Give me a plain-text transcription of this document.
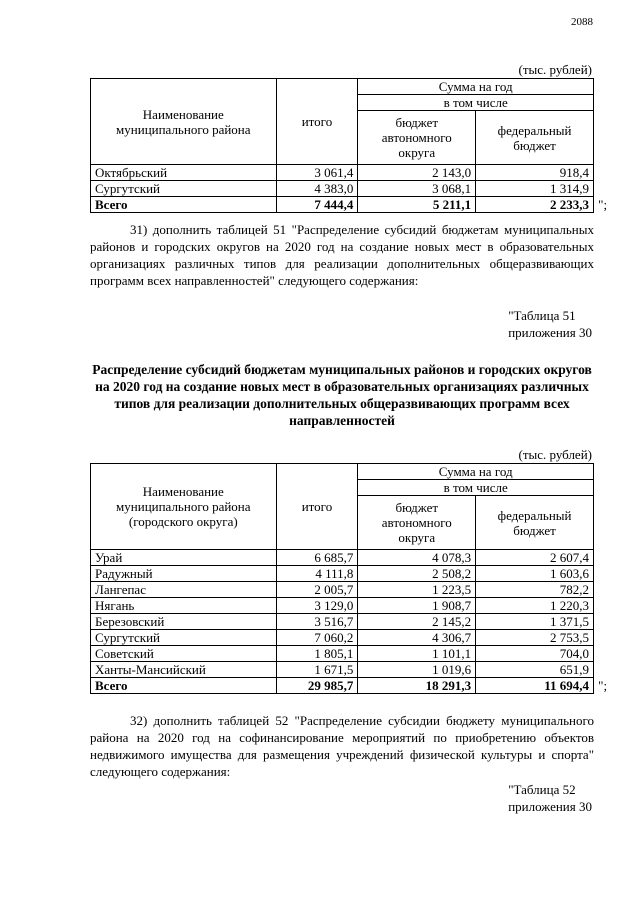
2088
(тыс. рублей)
Наименование муниципального района	итого	Сумма на год	
		в том числе	
		бюджет автономного округа	федеральный бюджет
Октябрьский	3 061,4	2 143,0	918,4
Сургутский	4 383,0	3 068,1	1 314,9
Всего	7 444,4	5 211,1	2 233,3 ";
31) дополнить таблицей 51 "Распределение субсидий бюджетам муниципальных районов и городских округов на 2020 год на создание новых мест в образовательных организациях различных типов для реализации дополнительных общеразвивающих программ всех направленностей" следующего содержания:
"Таблица 51
приложения 30
Распределение субсидий бюджетам муниципальных районов и городских округов на 2020 год на создание новых мест в образовательных организациях различных типов для реализации дополнительных общеразвивающих программ всех направленностей
(тыс. рублей)
Наименование муниципального района (городского округа)	итого	Сумма на год	
		в том числе	
		бюджет автономного округа	федеральный бюджет
Урай	6 685,7	4 078,3	2 607,4
Радужный	4 111,8	2 508,2	1 603,6
Лангепас	2 005,7	1 223,5	782,2
Нягань	3 129,0	1 908,7	1 220,3
Березовский	3 516,7	2 145,2	1 371,5
Сургутский	7 060,2	4 306,7	2 753,5
Советский	1 805,1	1 101,1	704,0
Ханты-Мансийский	1 671,5	1 019,6	651,9
Всего	29 985,7	18 291,3	11 694,4 ";
32) дополнить таблицей 52 "Распределение субсидии бюджету муниципального района на 2020 год на софинансирование мероприятий по приобретению объектов недвижимого имущества для размещения учреждений физической культуры и спорта" следующего содержания:
"Таблица 52
приложения 30
